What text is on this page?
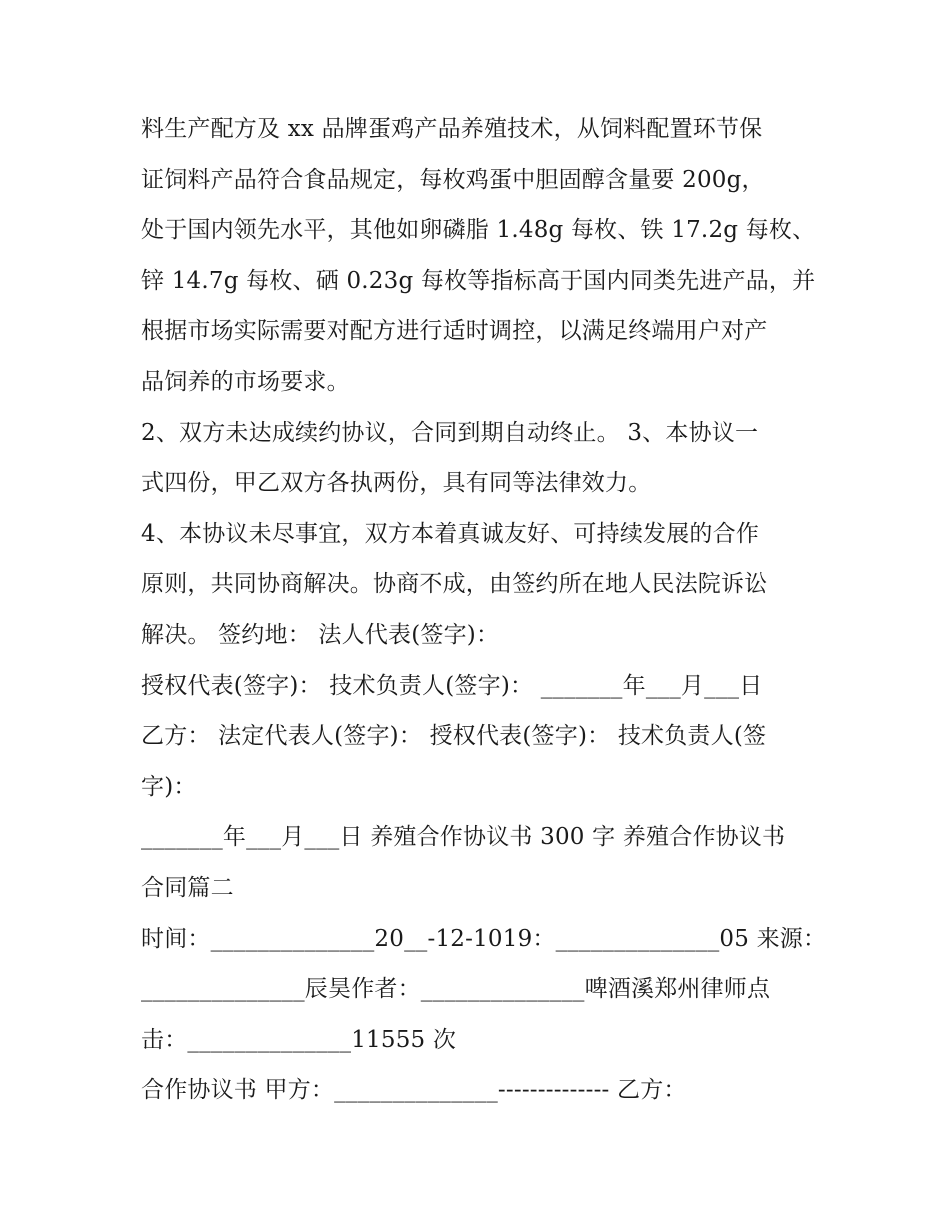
料生产配方及 xx 品牌蛋鸡产品养殖技术，从饲料配置环节保
证饲料产品符合食品规定，每枚鸡蛋中胆固醇含量要 200g，
处于国内领先水平，其他如卵磷脂 1.48g 每枚、铁 17.2g 每枚、
锌 14.7g 每枚、硒 0.23g 每枚等指标高于国内同类先进产品，并
根据市场实际需要对配方进行适时调控，以满足终端用户对产
品饲养的市场要求。
2、双方未达成续约协议，合同到期自动终止。 3、本协议一
式四份，甲乙双方各执两份，具有同等法律效力。
4、本协议未尽事宜，双方本着真诚友好、可持续发展的合作
原则，共同协商解决。协商不成，由签约所在地人民法院诉讼
解决。 签约地： 法人代表(签字)：
授权代表(签字)： 技术负责人(签字)： _______年___月___日
乙方： 法定代表人(签字)： 授权代表(签字)： 技术负责人(签
字)：
_______年___月___日 养殖合作协议书 300 字 养殖合作协议书
合同篇二
时间：______________20__-12-1019：______________05 来源：
______________辰昊作者：______________啤酒溪郑州律师点
击：______________11555 次
合作协议书 甲方：______________-------------- 乙方：
